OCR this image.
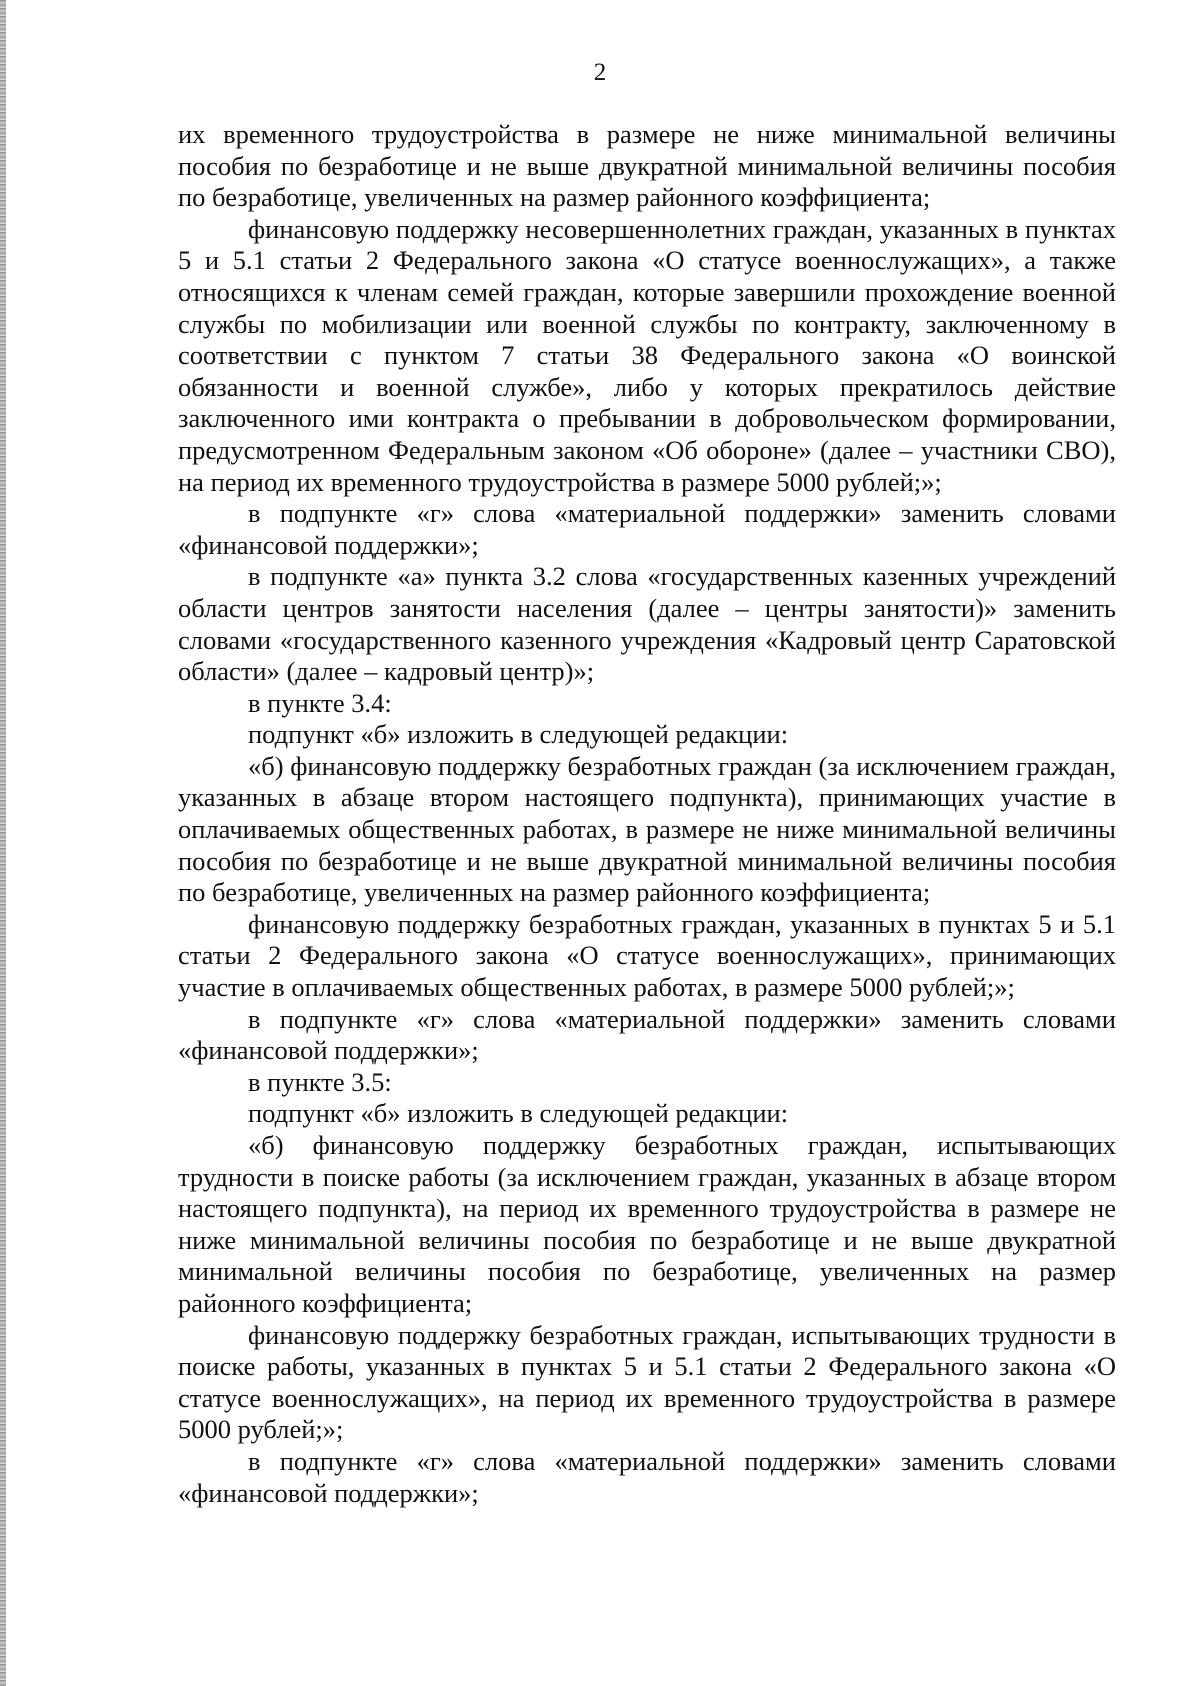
2

их временного трудоустройства в размере не ниже минимальной величины пособия по безработице и не выше двукратной минимальной величины пособия по безработице, увеличенных на размер районного коэффициента;

финансовую поддержку несовершеннолетних граждан, указанных в пунктах 5 и 5.1 статьи 2 Федерального закона «О статусе военнослужащих», а также относящихся к членам семей граждан, которые завершили прохождение военной службы по мобилизации или военной службы по контракту, заключенному в соответствии с пунктом 7 статьи 38 Федерального закона «О воинской обязанности и военной службе», либо у которых прекратилось действие заключенного ими контракта о пребывании в добровольческом формировании, предусмотренном Федеральным законом «Об обороне» (далее – участники СВО), на период их временного трудоустройства в размере 5000 рублей;»;

в подпункте «г» слова «материальной поддержки» заменить словами «финансовой поддержки»;

в подпункте «а» пункта 3.2 слова «государственных казенных учреждений области центров занятости населения (далее – центры занятости)» заменить словами «государственного казенного учреждения «Кадровый центр Саратовской области» (далее – кадровый центр)»;

в пункте 3.4:

подпункт «б» изложить в следующей редакции:

«б) финансовую поддержку безработных граждан (за исключением граждан, указанных в абзаце втором настоящего подпункта), принимающих участие в оплачиваемых общественных работах, в размере не ниже минимальной величины пособия по безработице и не выше двукратной минимальной величины пособия по безработице, увеличенных на размер районного коэффициента;

финансовую поддержку безработных граждан, указанных в пунктах 5 и 5.1 статьи 2 Федерального закона «О статусе военнослужащих», принимающих участие в оплачиваемых общественных работах, в размере 5000 рублей;»;

в подпункте «г» слова «материальной поддержки» заменить словами «финансовой поддержки»;

в пункте 3.5:

подпункт «б» изложить в следующей редакции:

«б) финансовую поддержку безработных граждан, испытывающих трудности в поиске работы (за исключением граждан, указанных в абзаце втором настоящего подпункта), на период их временного трудоустройства в размере не ниже минимальной величины пособия по безработице и не выше двукратной минимальной величины пособия по безработице, увеличенных на размер районного коэффициента;

финансовую поддержку безработных граждан, испытывающих трудности в поиске работы, указанных в пунктах 5 и 5.1 статьи 2 Федерального закона «О статусе военнослужащих», на период их временного трудоустройства в размере 5000 рублей;»;

в подпункте «г» слова «материальной поддержки» заменить словами «финансовой поддержки»;
